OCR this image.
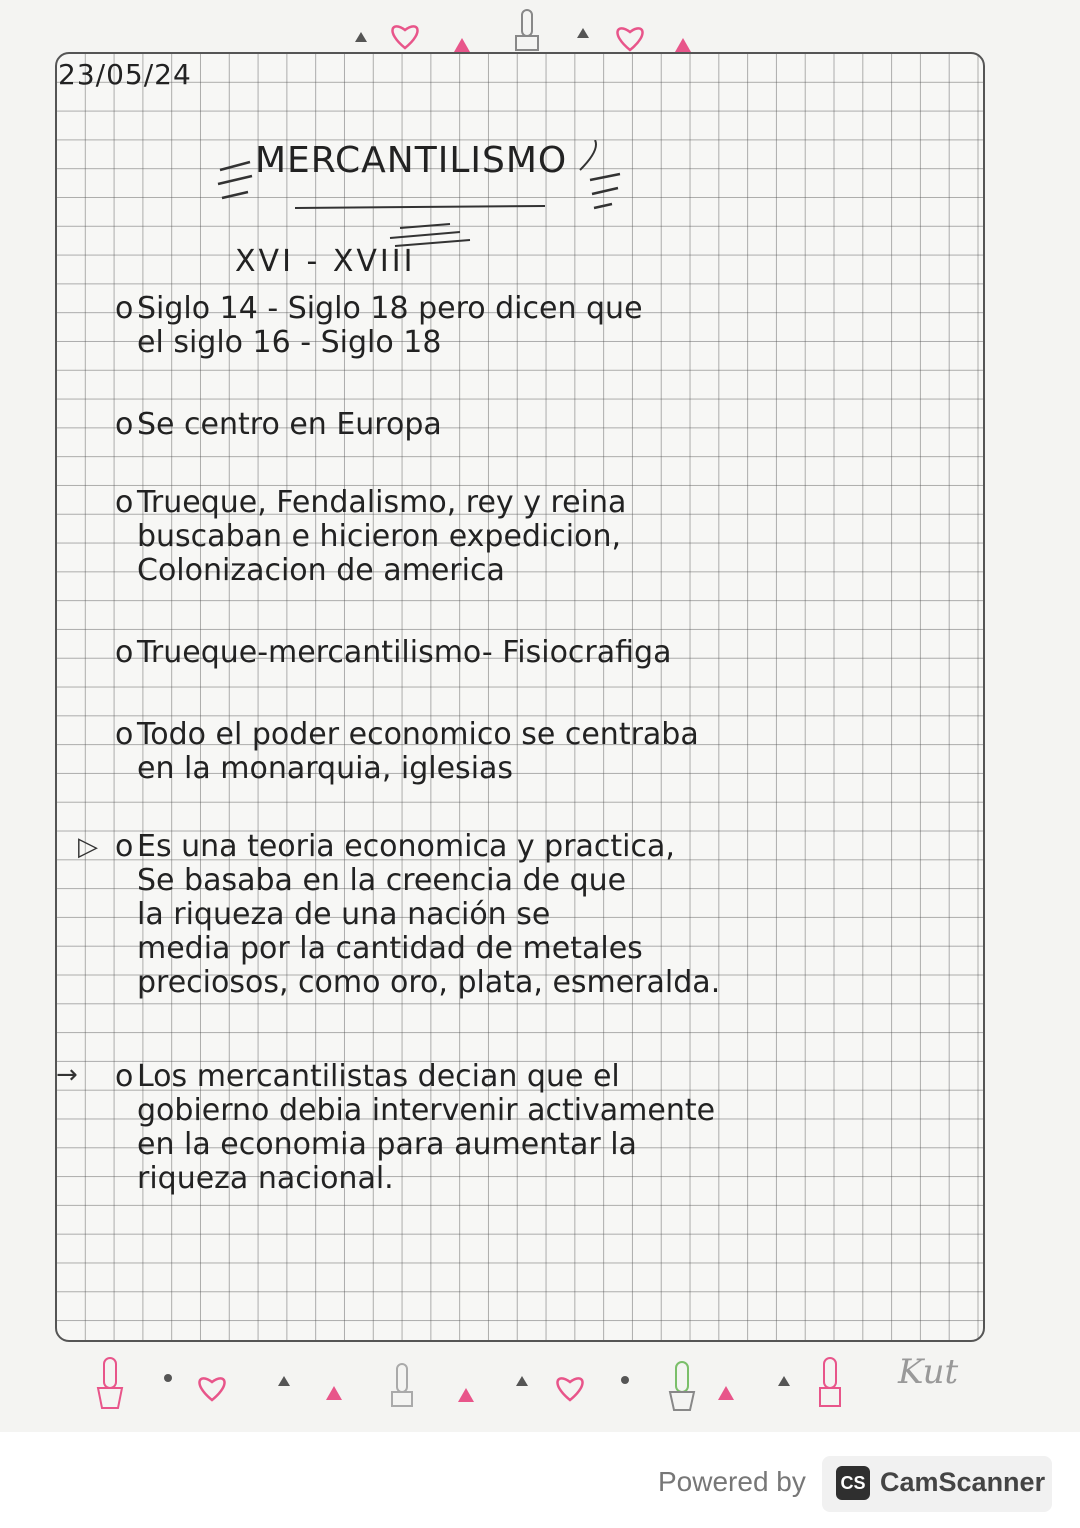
23/05/24
MERCANTILISMO
XVI - XVIII
o Siglo 14 - Siglo 18 pero dicen que
el siglo 16 - Siglo 18
o Se centro en Europa
o Trueque, Fendalismo, rey y reina
buscaban e hicieron expedicion,
Colonizacion de america
o Trueque-mercantilismo- Fisiocrafiga
o Todo el poder economico se centraba
en la monarquia, iglesias
o Es una teoria economica y practica,
Se basaba en la creencia de que
la riqueza de una nación se
media por la cantidad de metales
preciosos, como oro, plata, esmeralda.
o Los mercantilistas decian que el
gobierno debia intervenir activamente
en la economia para aumentar la
riqueza nacional.
▷
→
Kut
Powered by CS CamScanner
